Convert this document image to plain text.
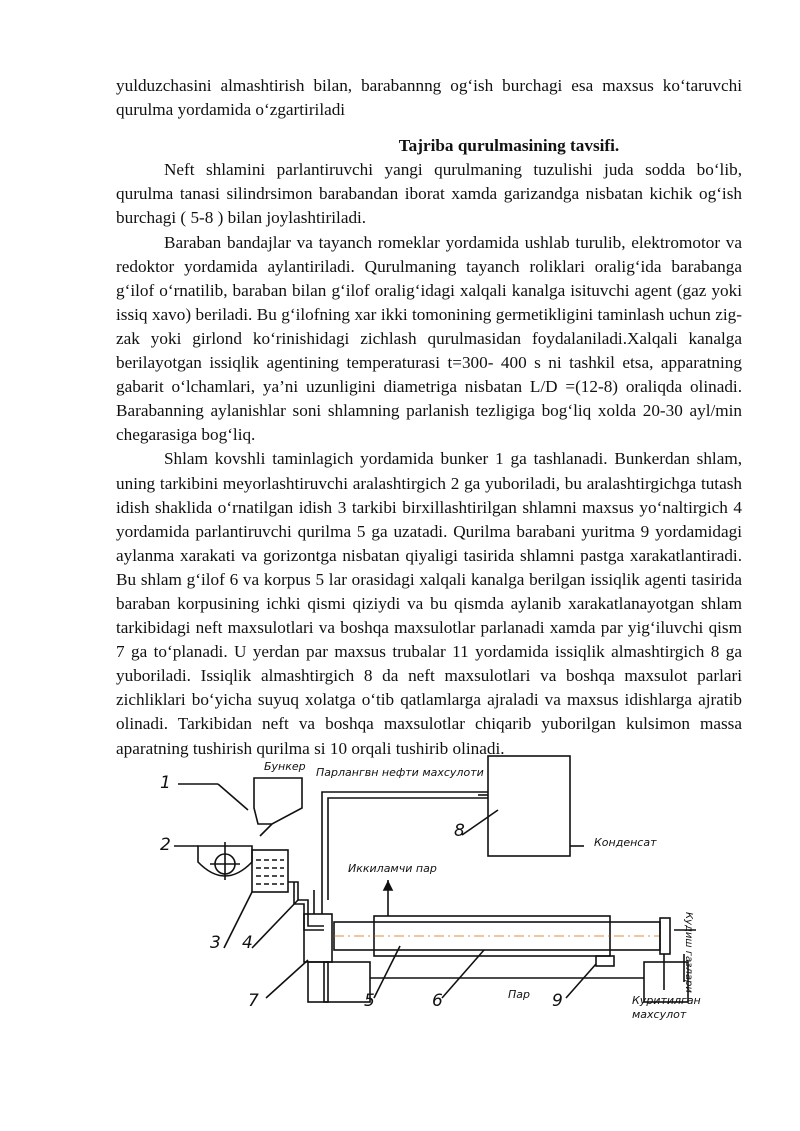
yulduzchasini almashtirish bilan, barabannng og‘ish burchagi esa maxsus ko‘taruvchi qurulma yordamida o‘zgartiriladi

Tajriba qurulmasining tavsifi.

Neft shlamini parlantiruvchi yangi qurulmaning tuzulishi juda sodda bo‘lib, qurulma tanasi silindrsimon barabandan iborat xamda garizandga nisbatan kichik og‘ish burchagi ( 5-8 ) bilan joylashtiriladi.

Baraban bandajlar va tayanch romeklar yordamida ushlab turulib, elektromotor va redoktor yordamida aylantiriladi. Qurulmaning tayanch roliklari oralig‘ida barabanga g‘ilof o‘rnatilib, baraban bilan g‘ilof oralig‘idagi xalqali kanalga isituvchi agent (gaz yoki issiq xavo) beriladi. Bu g‘ilofning xar ikki tomonining germetikligini taminlash uchun zig- zak yoki girlond ko‘rinishidagi zichlash qurulmasidan foydalaniladi.Xalqali kanalga berilayotgan issiqlik agentining temperaturasi t=300- 400 s ni tashkil etsa, apparatning gabarit o‘lchamlari, ya’ni uzunligini diametriga nisbatan L/D =(12-8) oraliqda olinadi. Barabanning aylanishlar soni shlamning parlanish tezligiga bog‘liq xolda 20-30 ayl/min chegarasiga bog‘liq.

Shlam kovshli taminlagich yordamida bunker 1 ga tashlanadi. Bunkerdan shlam, uning tarkibini meyorlashtiruvchi aralashtirgich 2 ga yuboriladi, bu aralashtirgichga tutash idish shaklida o‘rnatilgan idish 3 tarkibi birxillashtirilgan shlamni maxsus yo‘naltirgich 4 yordamida parlantiruvchi qurilma 5 ga uzatadi. Qurilma barabani yuritma 9 yordamidagi aylanma xarakati va gorizontga nisbatan qiyaligi tasirida shlamni pastga xarakatlantiradi. Bu shlam g‘ilof 6 va korpus 5 lar orasidagi xalqali kanalga berilgan issiqlik agenti tasirida baraban korpusining ichki qismi qiziydi va bu qismda aylanib xarakatlanayotgan shlam tarkibidagi neft maxsulotlari va boshqa maxsulotlar parlanadi xamda par yig‘iluvchi qism 7 ga to‘planadi. U yerdan par maxsus trubalar 11 yordamida issiqlik almashtirgich 8 ga yuboriladi. Issiqlik almashtirgich 8 da neft maxsulotlari va boshqa maxsulot parlari zichliklari bo‘yicha suyuq xolatga o‘tib qatlamlarga ajraladi va maxsus idishlarga ajratib olinadi. Tarkibidan neft va boshqa maxsulotlar chiqarib yuborilgan kulsimon massa aparatning tushirish qurilma si 10 orqali tushirib olinadi.

Бункер Парлангвн нефти махсулоти
Конденсат
Иккиламчи пар
Кудиш газлари
Пар	Куритилган
махсулот
1
2
3 4
5	6
7
8
9
